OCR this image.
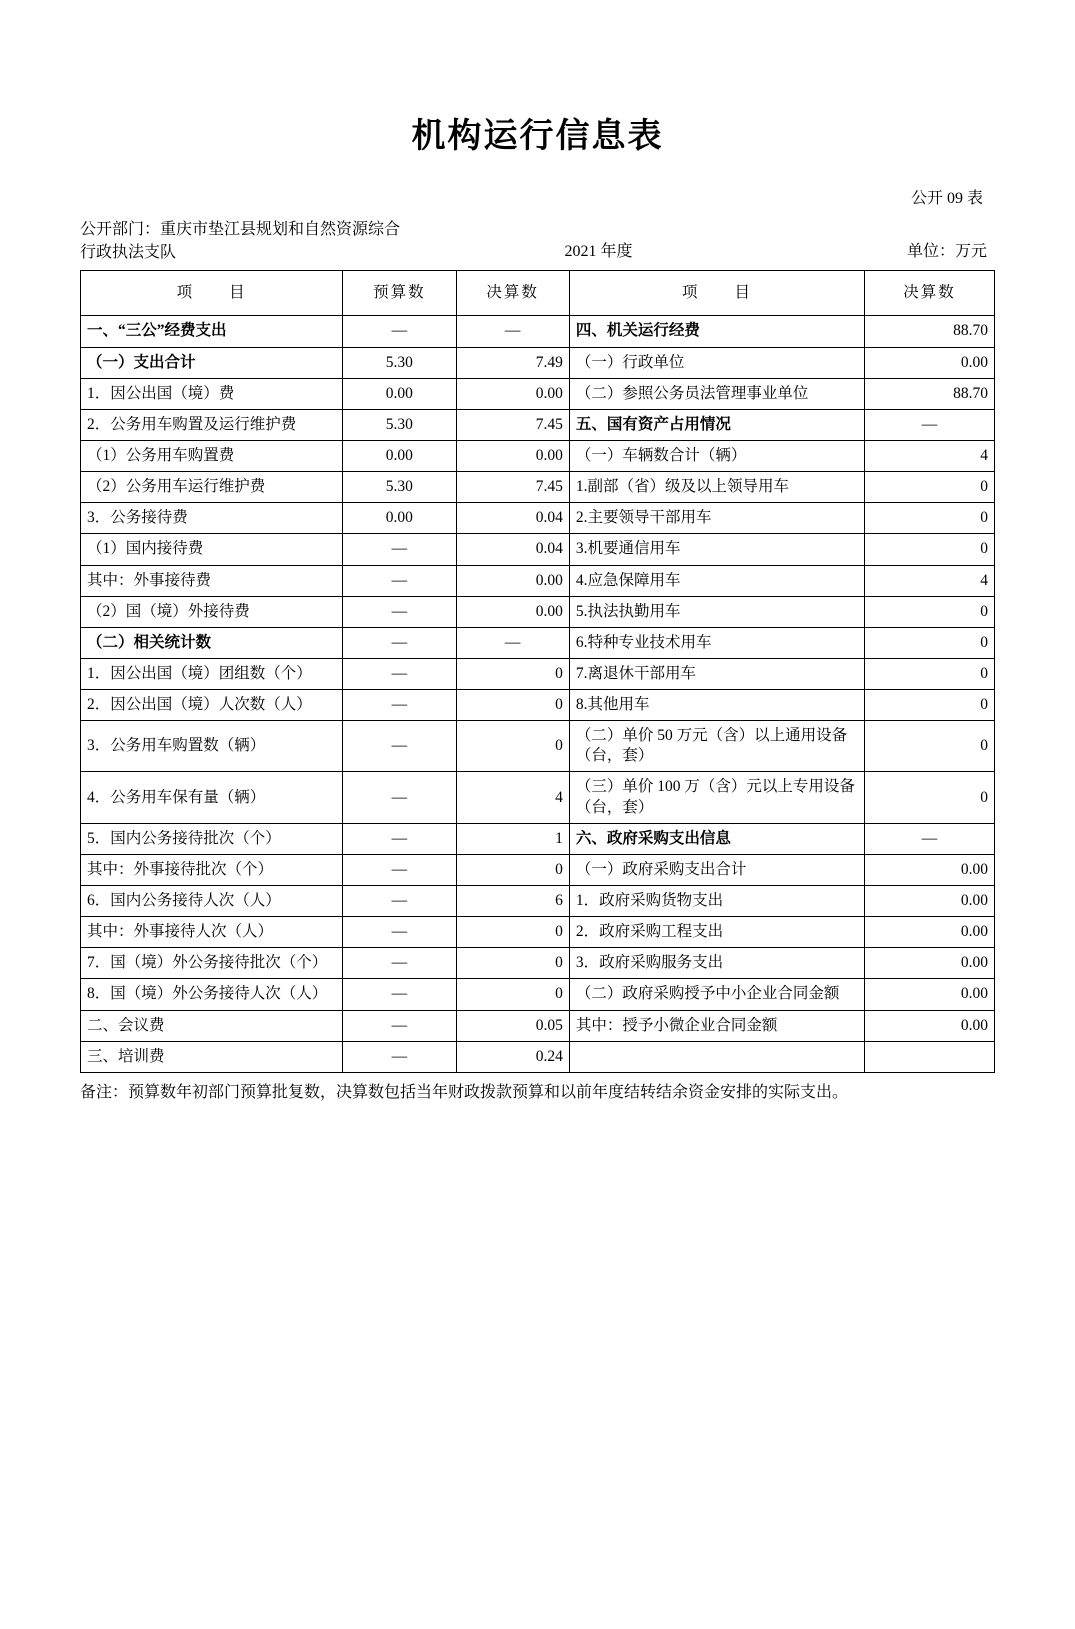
机构运行信息表
公开 09 表
公开部门：重庆市垫江县规划和自然资源综合行政执法支队	2021 年度	单位：万元
项　　目	预算数	决算数	项　　目	决算数
一、“三公”经费支出	—	—	四、机关运行经费	88.70
（一）支出合计	5.30	7.49	（一）行政单位	0.00
1．因公出国（境）费	0.00	0.00	（二）参照公务员法管理事业单位	88.70
2．公务用车购置及运行维护费	5.30	7.45	五、国有资产占用情况	—
（1）公务用车购置费	0.00	0.00	（一）车辆数合计（辆）	4
（2）公务用车运行维护费	5.30	7.45	1.副部（省）级及以上领导用车	0
3．公务接待费	0.00	0.04	2.主要领导干部用车	0
（1）国内接待费	—	0.04	3.机要通信用车	0
其中：外事接待费	—	0.00	4.应急保障用车	4
（2）国（境）外接待费	—	0.00	5.执法执勤用车	0
（二）相关统计数	—	—	6.特种专业技术用车	0
1．因公出国（境）团组数（个）	—	0	7.离退休干部用车	0
2．因公出国（境）人次数（人）	—	0	8.其他用车	0
3．公务用车购置数（辆）	—	0	（二）单价 50 万元（含）以上通用设备（台，套）	0
4．公务用车保有量（辆）	—	4	（三）单价 100 万（含）元以上专用设备（台，套）	0
5．国内公务接待批次（个）	—	1	六、政府采购支出信息	—
其中：外事接待批次（个）	—	0	（一）政府采购支出合计	0.00
6．国内公务接待人次（人）	—	6	1．政府采购货物支出	0.00
其中：外事接待人次（人）	—	0	2．政府采购工程支出	0.00
7．国（境）外公务接待批次（个）	—	0	3．政府采购服务支出	0.00
8．国（境）外公务接待人次（人）	—	0	（二）政府采购授予中小企业合同金额	0.00
二、会议费	—	0.05	其中：授予小微企业合同金额	0.00
三、培训费	—	0.24		
备注：预算数年初部门预算批复数，决算数包括当年财政拨款预算和以前年度结转结余资金安排的实际支出。
